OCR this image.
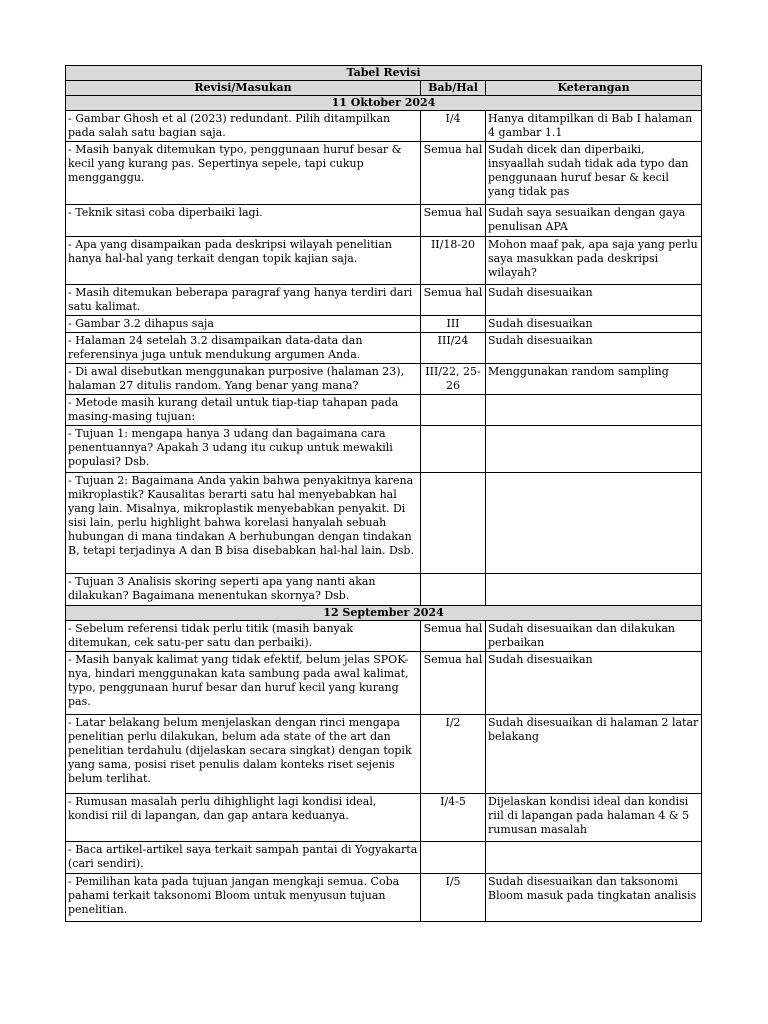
Tabel Revisi		
Revisi/Masukan	Bab/Hal	Keterangan
11 Oktober 2024		
- Gambar Ghosh et al (2023) redundant. Pilih ditampilkan pada salah satu bagian saja.	I/4	Hanya ditampilkan di Bab I halaman 4 gambar 1.1
- Masih banyak ditemukan typo, penggunaan huruf besar & kecil yang kurang pas. Sepertinya sepele, tapi cukup mengganggu.	Semua hal	Sudah dicek dan diperbaiki, insyaallah sudah tidak ada typo dan penggunaan huruf besar & kecil yang tidak pas
- Teknik sitasi coba diperbaiki lagi.	Semua hal	Sudah saya sesuaikan dengan gaya penulisan APA
- Apa yang disampaikan pada deskripsi wilayah penelitian hanya hal-hal yang terkait dengan topik kajian saja.	II/18-20	Mohon maaf pak, apa saja yang perlu saya masukkan pada deskripsi wilayah?
- Masih ditemukan beberapa paragraf yang hanya terdiri dari satu kalimat.	Semua hal	Sudah disesuaikan
- Gambar 3.2 dihapus saja	III	Sudah disesuaikan
- Halaman 24 setelah 3.2 disampaikan data-data dan referensinya juga untuk mendukung argumen Anda.	III/24	Sudah disesuaikan
- Di awal disebutkan menggunakan purposive (halaman 23), halaman 27 ditulis random. Yang benar yang mana?	III/22, 25-26	Menggunakan random sampling
- Metode masih kurang detail untuk tiap-tiap tahapan pada masing-masing tujuan:		
- Tujuan 1: mengapa hanya 3 udang dan bagaimana cara penentuannya? Apakah 3 udang itu cukup untuk mewakili populasi? Dsb.		
- Tujuan 2: Bagaimana Anda yakin bahwa penyakitnya karena mikroplastik? Kausalitas berarti satu hal menyebabkan hal yang lain. Misalnya, mikroplastik menyebabkan penyakit. Di sisi lain, perlu highlight bahwa korelasi hanyalah sebuah hubungan di mana tindakan A berhubungan dengan tindakan B, tetapi terjadinya A dan B bisa disebabkan hal-hal lain. Dsb.		
- Tujuan 3 Analisis skoring seperti apa yang nanti akan dilakukan? Bagaimana menentukan skornya? Dsb.		
12 September 2024		
- Sebelum referensi tidak perlu titik (masih banyak ditemukan, cek satu-per satu dan perbaiki).	Semua hal	Sudah disesuaikan dan dilakukan perbaikan
- Masih banyak kalimat yang tidak efektif, belum jelas SPOK-nya, hindari menggunakan kata sambung pada awal kalimat, typo, penggunaan huruf besar dan huruf kecil yang kurang pas.	Semua hal	Sudah disesuaikan
- Latar belakang belum menjelaskan dengan rinci mengapa penelitian perlu dilakukan, belum ada state of the art dan penelitian terdahulu (dijelaskan secara singkat) dengan topik yang sama, posisi riset penulis dalam konteks riset sejenis belum terlihat.	I/2	Sudah disesuaikan di halaman 2 latar belakang
- Rumusan masalah perlu dihighlight lagi kondisi ideal, kondisi riil di lapangan, dan gap antara keduanya.	I/4-5	Dijelaskan kondisi ideal dan kondisi riil di lapangan pada halaman 4 & 5 rumusan masalah
- Baca artikel-artikel saya terkait sampah pantai di Yogyakarta (cari sendiri).		
- Pemilihan kata pada tujuan jangan mengkaji semua. Coba pahami terkait taksonomi Bloom untuk menyusun tujuan penelitian.	I/5	Sudah disesuaikan dan taksonomi Bloom masuk pada tingkatan analisis
